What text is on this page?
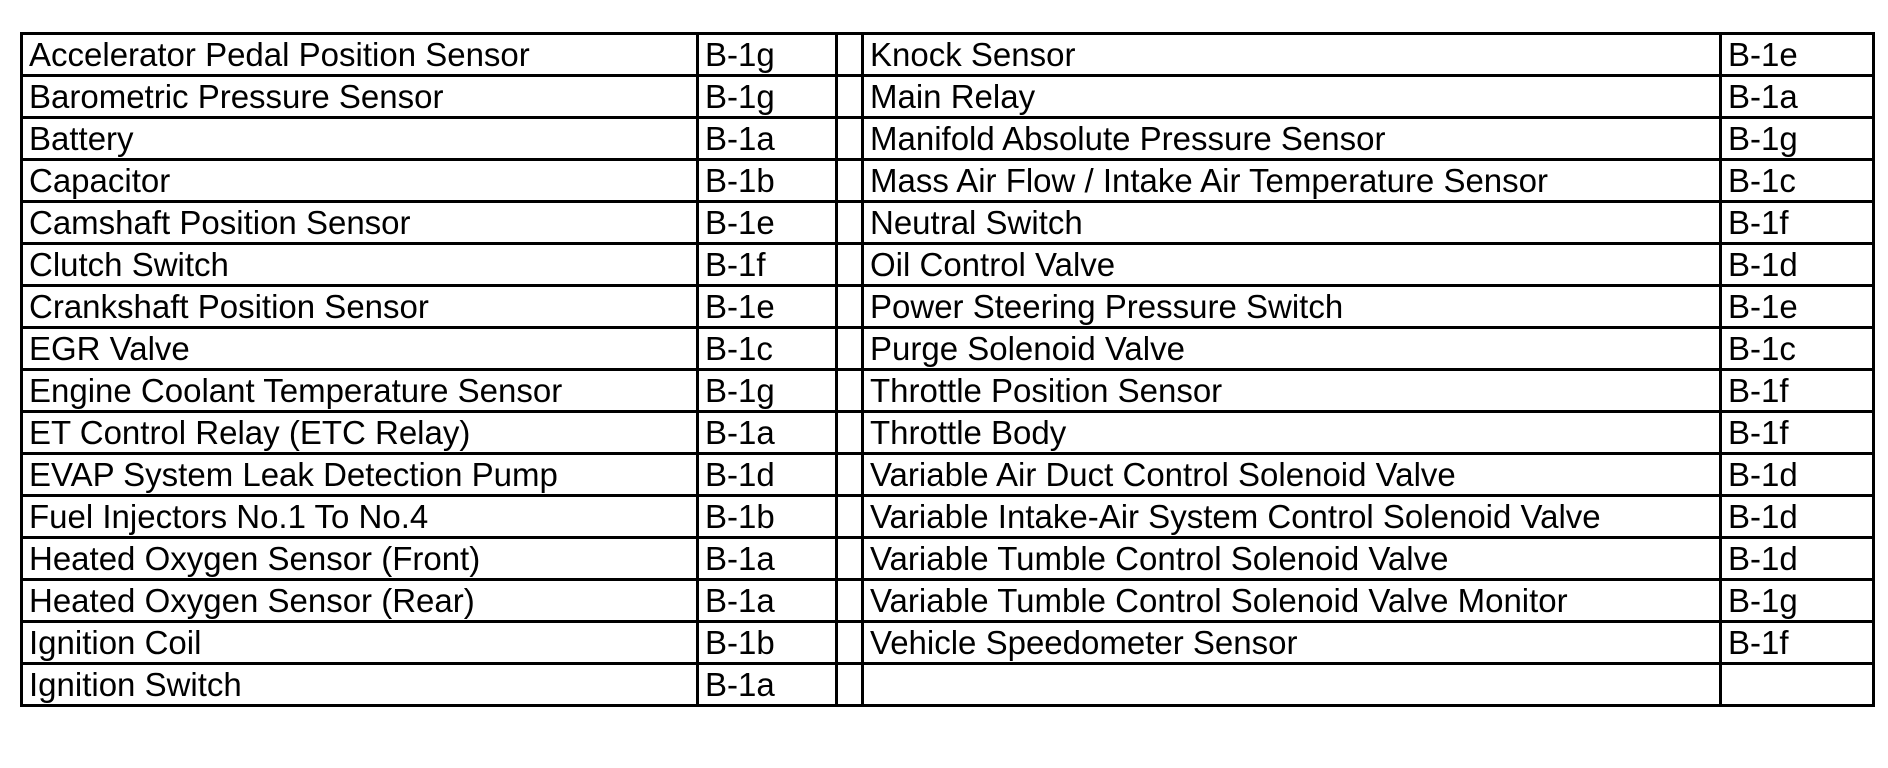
Accelerator Pedal Position Sensor	B-1g		Knock Sensor	B-1e
Barometric Pressure Sensor	B-1g		Main Relay	B-1a
Battery	B-1a		Manifold Absolute Pressure Sensor	B-1g
Capacitor	B-1b		Mass Air Flow / Intake Air Temperature Sensor	B-1c
Camshaft Position Sensor	B-1e		Neutral Switch	B-1f
Clutch Switch	B-1f		Oil Control Valve	B-1d
Crankshaft Position Sensor	B-1e		Power Steering Pressure Switch	B-1e
EGR Valve	B-1c		Purge Solenoid Valve	B-1c
Engine Coolant Temperature Sensor	B-1g		Throttle Position Sensor	B-1f
ET Control Relay (ETC Relay)	B-1a		Throttle Body	B-1f
EVAP System Leak Detection Pump	B-1d		Variable Air Duct Control Solenoid Valve	B-1d
Fuel Injectors No.1 To No.4	B-1b		Variable Intake-Air System Control Solenoid Valve	B-1d
Heated Oxygen Sensor (Front)	B-1a		Variable Tumble Control Solenoid Valve	B-1d
Heated Oxygen Sensor (Rear)	B-1a		Variable Tumble Control Solenoid Valve Monitor	B-1g
Ignition Coil	B-1b		Vehicle Speedometer Sensor	B-1f
Ignition Switch	B-1a			
